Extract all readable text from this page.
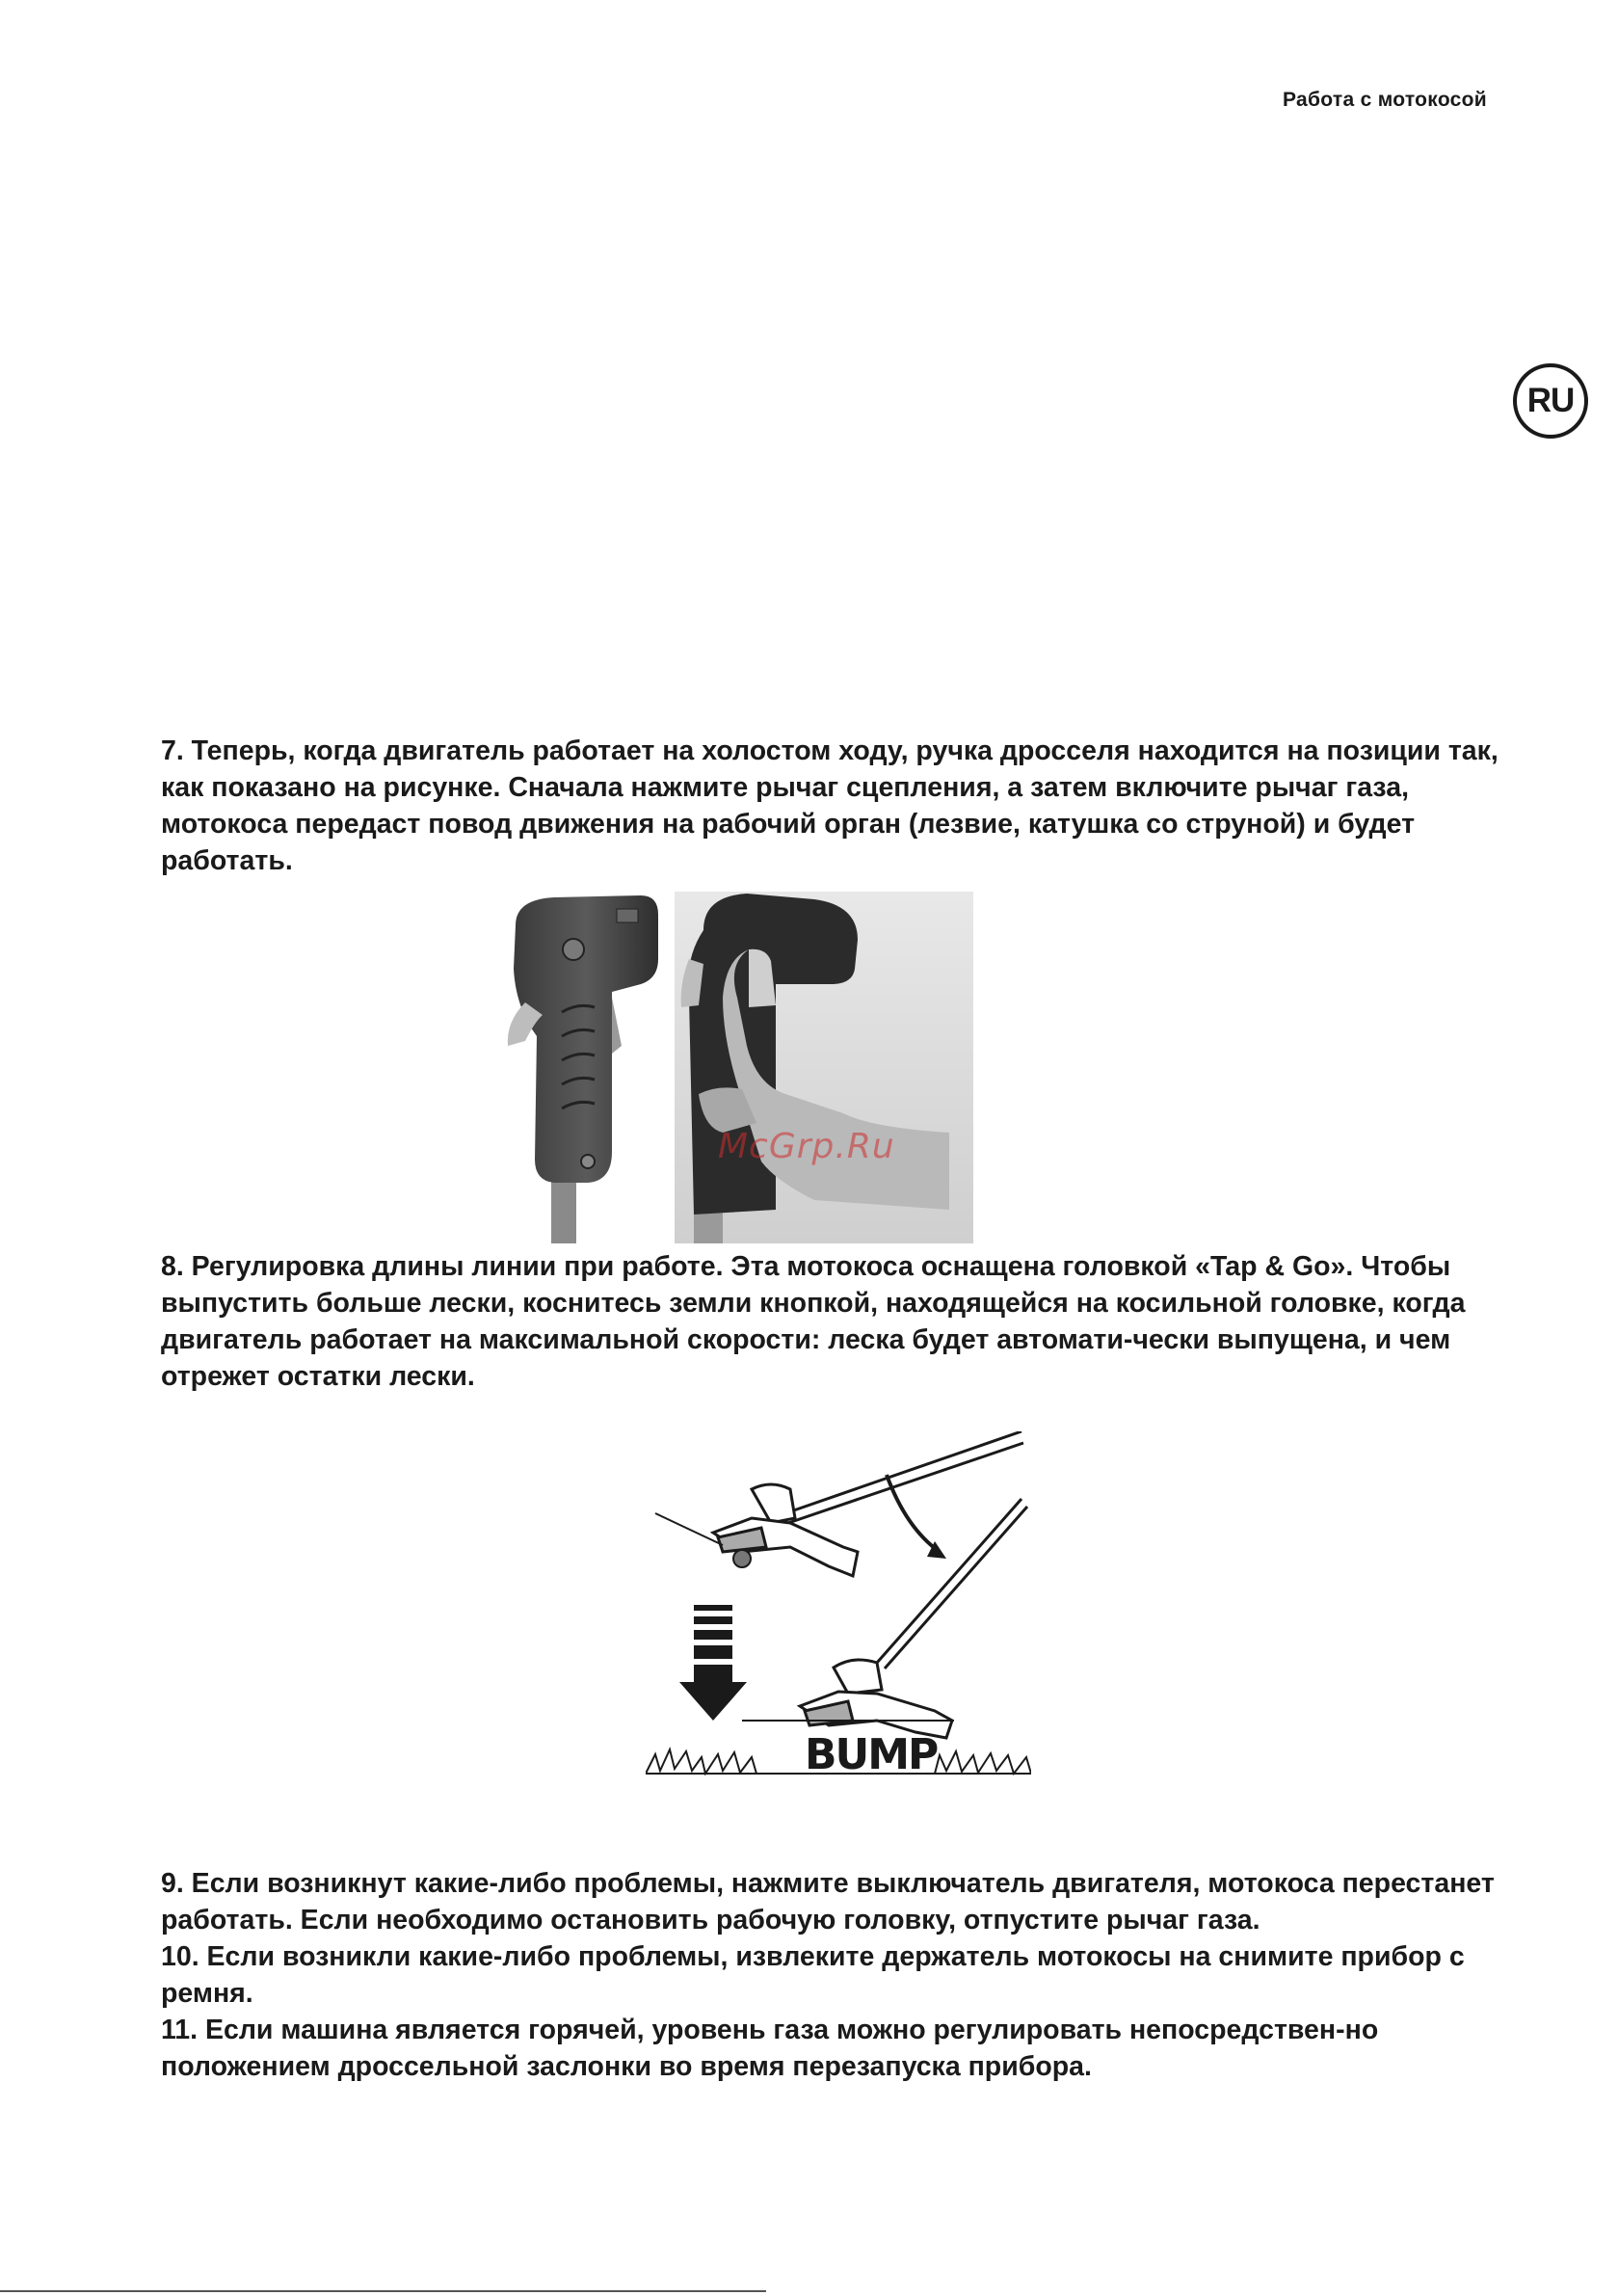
Работа с мотокосой
RU

7. Теперь, когда двигатель работает на холостом ходу, ручка дросселя находится на позиции так, как показано на рисунке. Сначала нажмите рычаг сцепления, а затем включите рычаг газа, мотокоса передаст повод движения на рабочий орган (лезвие, катушка со струной) и будет работать.

McGrp.Ru

8. Регулировка длины линии при работе. Эта мотокоса оснащена головкой «Tap & Go». Чтобы выпустить больше лески, коснитесь земли кнопкой, находящейся на косильной головке, когда двигатель работает на максимальной скорости: леска будет автомати-чески выпущена, и чем отрежет остатки лески.

BUMP

9. Если возникнут какие-либо проблемы, нажмите выключатель двигателя, мотокоса перестанет работать. Если необходимо остановить рабочую головку, отпустите рычаг газа.
10. Если возникли какие-либо проблемы, извлеките держатель мотокосы на снимите прибор с ремня.
11. Если машина является горячей, уровень газа можно регулировать непосредствен-но положением дроссельной заслонки во время перезапуска прибора.
